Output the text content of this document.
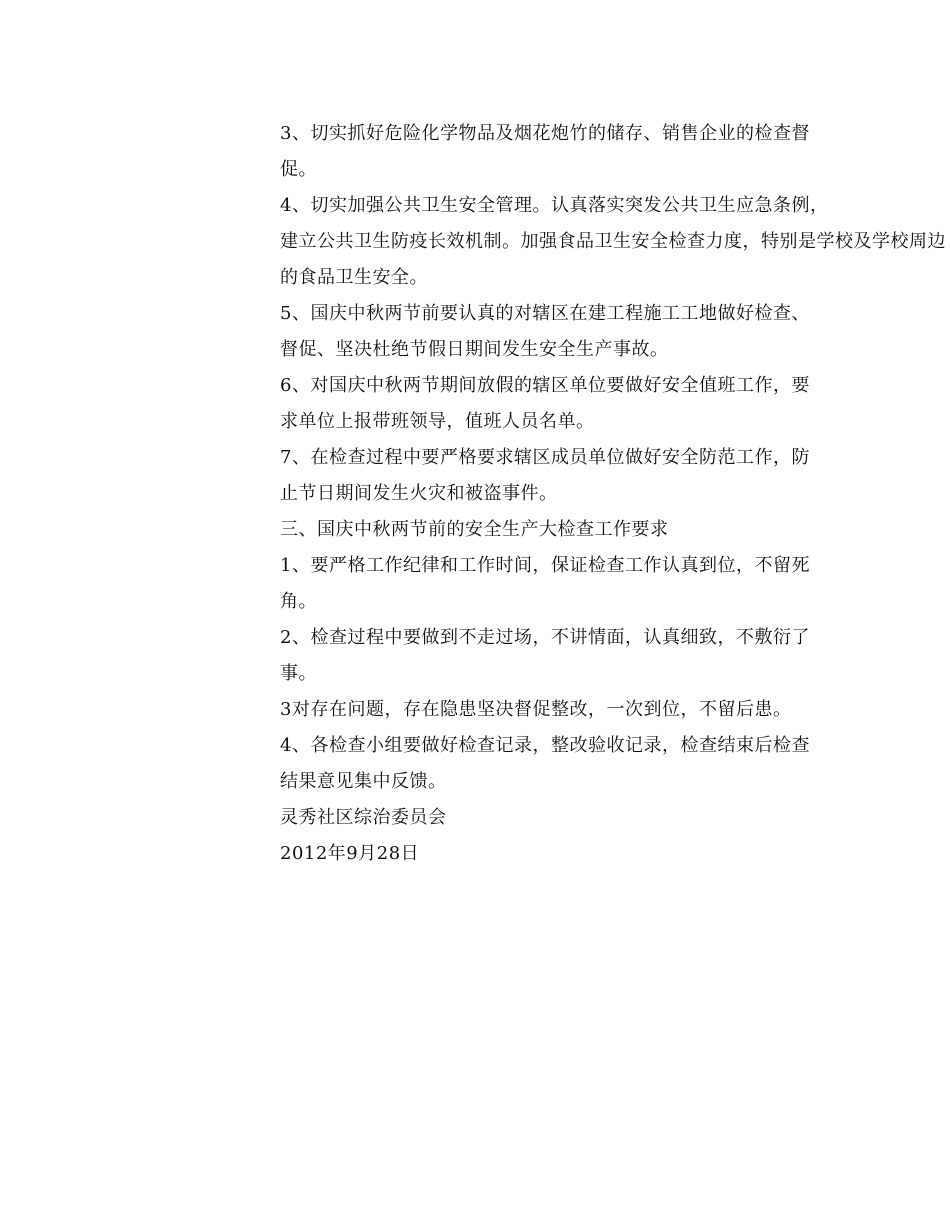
3、切实抓好危险化学物品及烟花炮竹的储存、销售企业的检查督
促。

4、切实加强公共卫生安全管理。认真落实突发公共卫生应急条例，
建立公共卫生防疫长效机制。加强食品卫生安全检查力度，特别是学校及学校周边
的食品卫生安全。

5、国庆中秋两节前要认真的对辖区在建工程施工工地做好检查、
督促、坚决杜绝节假日期间发生安全生产事故。

6、对国庆中秋两节期间放假的辖区单位要做好安全值班工作，要
求单位上报带班领导，值班人员名单。

7、在检查过程中要严格要求辖区成员单位做好安全防范工作，防
止节日期间发生火灾和被盗事件。

三、国庆中秋两节前的安全生产大检查工作要求

1、要严格工作纪律和工作时间，保证检查工作认真到位，不留死
角。

2、检查过程中要做到不走过场，不讲情面，认真细致，不敷衍了
事。

3对存在问题，存在隐患坚决督促整改，一次到位，不留后患。

4、各检查小组要做好检查记录，整改验收记录，检查结束后检查
结果意见集中反馈。

灵秀社区综治委员会

2012年9月28日
